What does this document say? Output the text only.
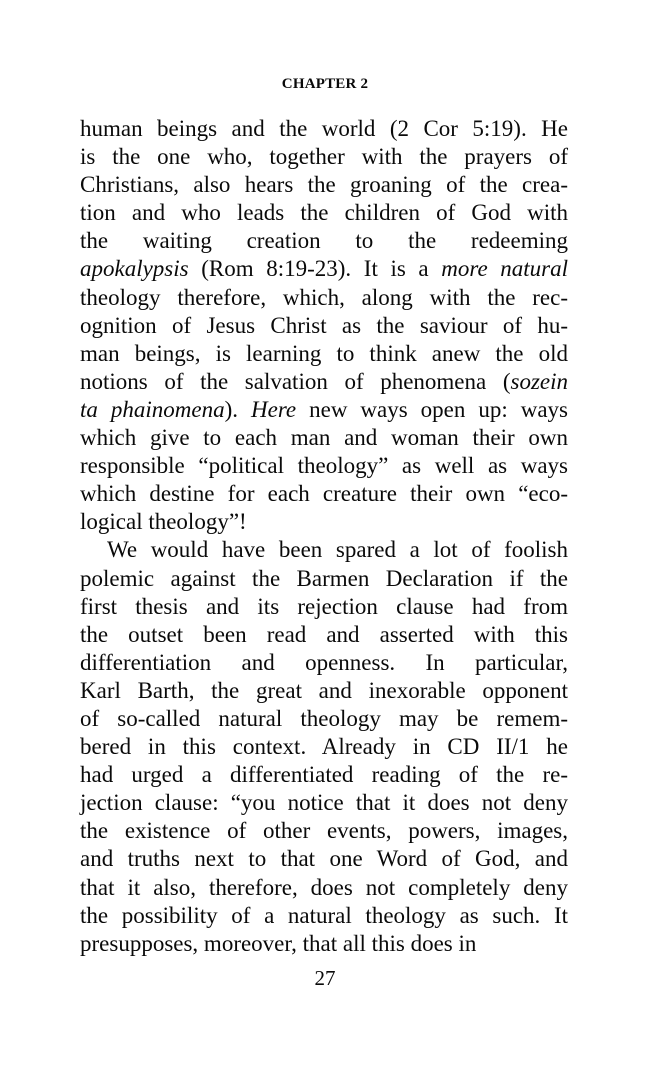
CHAPTER 2
human beings and the world (2 Cor 5:19). He
is the one who, together with the prayers of
Christians, also hears the groaning of the crea-
tion and who leads the children of God with
the waiting creation to the redeeming
apokalypsis (Rom 8:19-23). It is a more natural
theology therefore, which, along with the rec-
ognition of Jesus Christ as the saviour of hu-
man beings, is learning to think anew the old
notions of the salvation of phenomena (sozein
ta phainomena). Here new ways open up: ways
which give to each man and woman their own
responsible “political theology” as well as ways
which destine for each creature their own “eco-
logical theology”!
We would have been spared a lot of foolish
polemic against the Barmen Declaration if the
first thesis and its rejection clause had from
the outset been read and asserted with this
differentiation and openness. In particular,
Karl Barth, the great and inexorable opponent
of so-called natural theology may be remem-
bered in this context. Already in CD II/1 he
had urged a differentiated reading of the re-
jection clause: “you notice that it does not deny
the existence of other events, powers, images,
and truths next to that one Word of God, and
that it also, therefore, does not completely deny
the possibility of a natural theology as such. It
presupposes, moreover, that all this does in
27
